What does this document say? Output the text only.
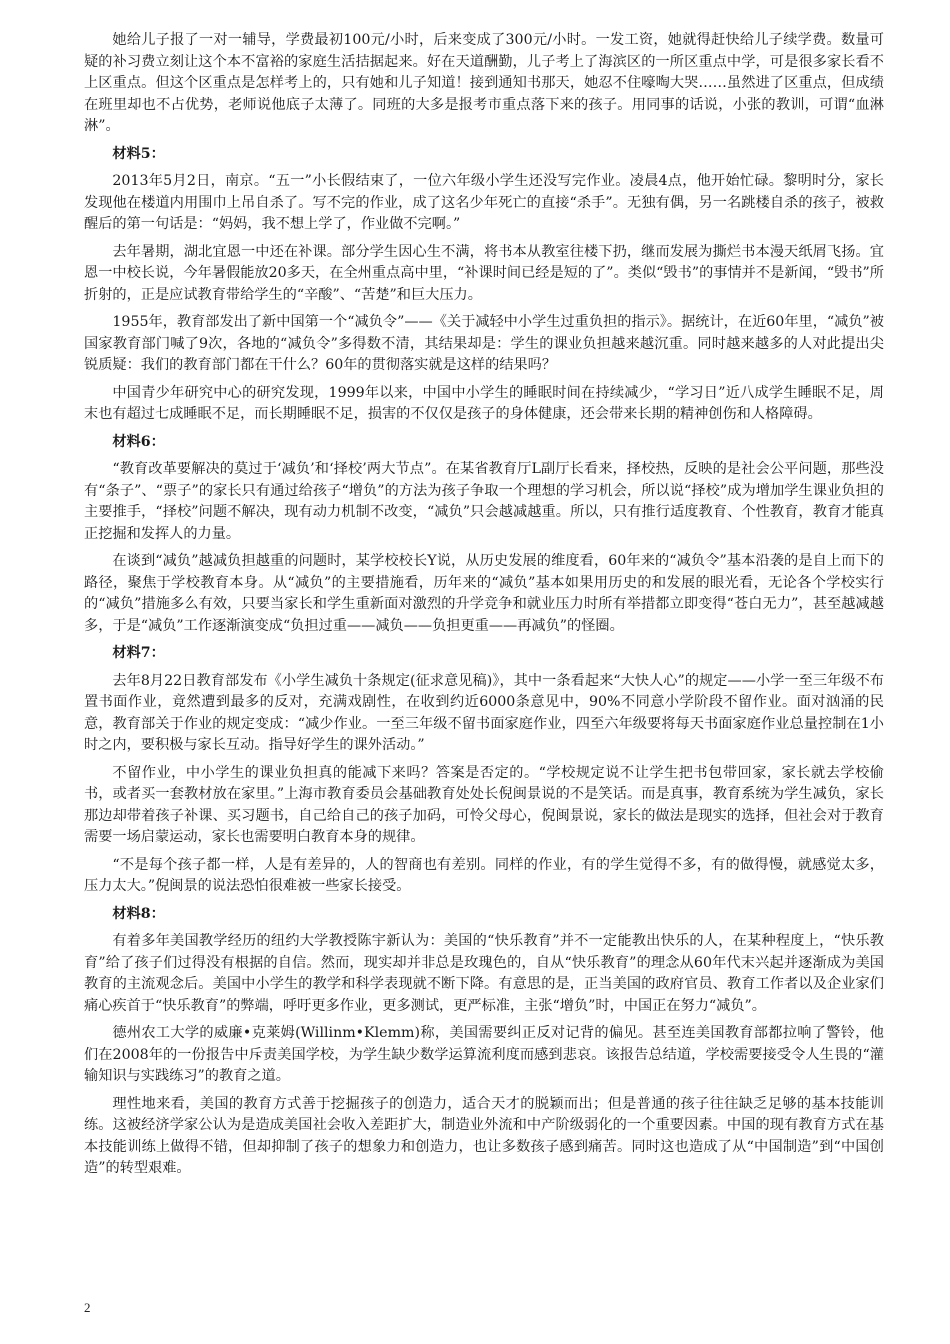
她给儿子报了一对一辅导，学费最初100元/小时，后来变成了300元/小时。一发工资，她就得赶快给儿子续学费。数量可疑的补习费立刻让这个本不富裕的家庭生活拮据起来。好在天道酬勤，儿子考上了海滨区的一所区重点中学，可是很多家长看不上区重点。但这个区重点是怎样考上的，只有她和儿子知道！接到通知书那天，她忍不住嚎啕大哭……虽然进了区重点，但成绩在班里却也不占优势，老师说他底子太薄了。同班的大多是报考市重点落下来的孩子。用同事的话说，小张的教训，可谓“血淋淋”。

材料5：

2013年5月2日，南京。“五一”小长假结束了，一位六年级小学生还没写完作业。凌晨4点，他开始忙碌。黎明时分，家长发现他在楼道内用围巾上吊自杀了。写不完的作业，成了这名少年死亡的直接“杀手”。无独有偶，另一名跳楼自杀的孩子，被救醒后的第一句话是：“妈妈，我不想上学了，作业做不完啊。”

去年暑期，湖北宜恩一中还在补课。部分学生因心生不满，将书本从教室往楼下扔，继而发展为撕烂书本漫天纸屑飞扬。宜恩一中校长说，今年暑假能放20多天，在全州重点高中里，“补课时间已经是短的了”。类似“毁书”的事情并不是新闻，“毁书”所折射的，正是应试教育带给学生的“辛酸”、“苦楚”和巨大压力。

1955年，教育部发出了新中国第一个“减负令”——《关于减轻中小学生过重负担的指示》。据统计，在近60年里，“减负”被国家教育部门喊了9次，各地的“减负令”多得数不清，其结果却是：学生的课业负担越来越沉重。同时越来越多的人对此提出尖锐质疑：我们的教育部门都在干什么？60年的贯彻落实就是这样的结果吗？

中国青少年研究中心的研究发现，1999年以来，中国中小学生的睡眠时间在持续减少，“学习日”近八成学生睡眠不足，周末也有超过七成睡眠不足，而长期睡眠不足，损害的不仅仅是孩子的身体健康，还会带来长期的精神创伤和人格障碍。

材料6：

“教育改革要解决的莫过于‘减负’和‘择校’两大节点”。在某省教育厅L副厅长看来，择校热，反映的是社会公平问题，那些没有“条子”、“票子”的家长只有通过给孩子“增负”的方法为孩子争取一个理想的学习机会，所以说“择校”成为增加学生课业负担的主要推手，“择校”问题不解决，现有动力机制不改变，“减负”只会越减越重。所以，只有推行适度教育、个性教育，教育才能真正挖掘和发挥人的力量。

在谈到“减负”越减负担越重的问题时，某学校校长Y说，从历史发展的维度看，60年来的“减负令”基本沿袭的是自上而下的路径，聚焦于学校教育本身。从“减负”的主要措施看，历年来的“减负”基本如果用历史的和发展的眼光看，无论各个学校实行的“减负”措施多么有效，只要当家长和学生重新面对激烈的升学竞争和就业压力时所有举措都立即变得“苍白无力”，甚至越减越多，于是“减负”工作逐渐演变成“负担过重——减负——负担更重——再减负”的怪圈。

材料7：

去年8月22日教育部发布《小学生减负十条规定(征求意见稿)》，其中一条看起来“大快人心”的规定——小学一至三年级不布置书面作业，竟然遭到最多的反对，充满戏剧性，在收到约近6000条意见中，90%不同意小学阶段不留作业。面对汹涌的民意，教育部关于作业的规定变成：“减少作业。一至三年级不留书面家庭作业，四至六年级要将每天书面家庭作业总量控制在1小时之内，要积极与家长互动。指导好学生的课外活动。”

不留作业，中小学生的课业负担真的能减下来吗？答案是否定的。“学校规定说不让学生把书包带回家，家长就去学校偷书，或者买一套教材放在家里。”上海市教育委员会基础教育处处长倪闽景说的不是笑话。而是真事，教育系统为学生减负，家长那边却带着孩子补课、买习题书，自己给自己的孩子加码，可怜父母心，倪闽景说，家长的做法是现实的选择，但社会对于教育需要一场启蒙运动，家长也需要明白教育本身的规律。

“不是每个孩子都一样，人是有差异的，人的智商也有差别。同样的作业，有的学生觉得不多，有的做得慢，就感觉太多，压力太大。”倪闽景的说法恐怕很难被一些家长接受。

材料8：

有着多年美国教学经历的纽约大学教授陈宇新认为：美国的“快乐教育”并不一定能教出快乐的人，在某种程度上，“快乐教育”给了孩子们过得没有根据的自信。然而，现实却并非总是玫瑰色的，自从“快乐教育”的理念从60年代末兴起并逐渐成为美国教育的主流观念后。美国中小学生的教学和科学表现就不断下降。有意思的是，正当美国的政府官员、教育工作者以及企业家们痛心疾首于“快乐教育”的弊端，呼吁更多作业，更多测试，更严标准，主张“增负”时，中国正在努力“减负”。

德州农工大学的威廉•克莱姆(Willinm•Klemm)称，美国需要纠正反对记背的偏见。甚至连美国教育部都拉响了警铃，他们在2008年的一份报告中斥责美国学校，为学生缺少数学运算流利度而感到悲哀。该报告总结道，学校需要接受令人生畏的“灌输知识与实践练习”的教育之道。

理性地来看，美国的教育方式善于挖掘孩子的创造力，适合天才的脱颖而出；但是普通的孩子往往缺乏足够的基本技能训练。这被经济学家公认为是造成美国社会收入差距扩大，制造业外流和中产阶级弱化的一个重要因素。中国的现有教育方式在基本技能训练上做得不错，但却抑制了孩子的想象力和创造力，也让多数孩子感到痛苦。同时这也造成了从“中国制造”到“中国创造”的转型艰难。

2
